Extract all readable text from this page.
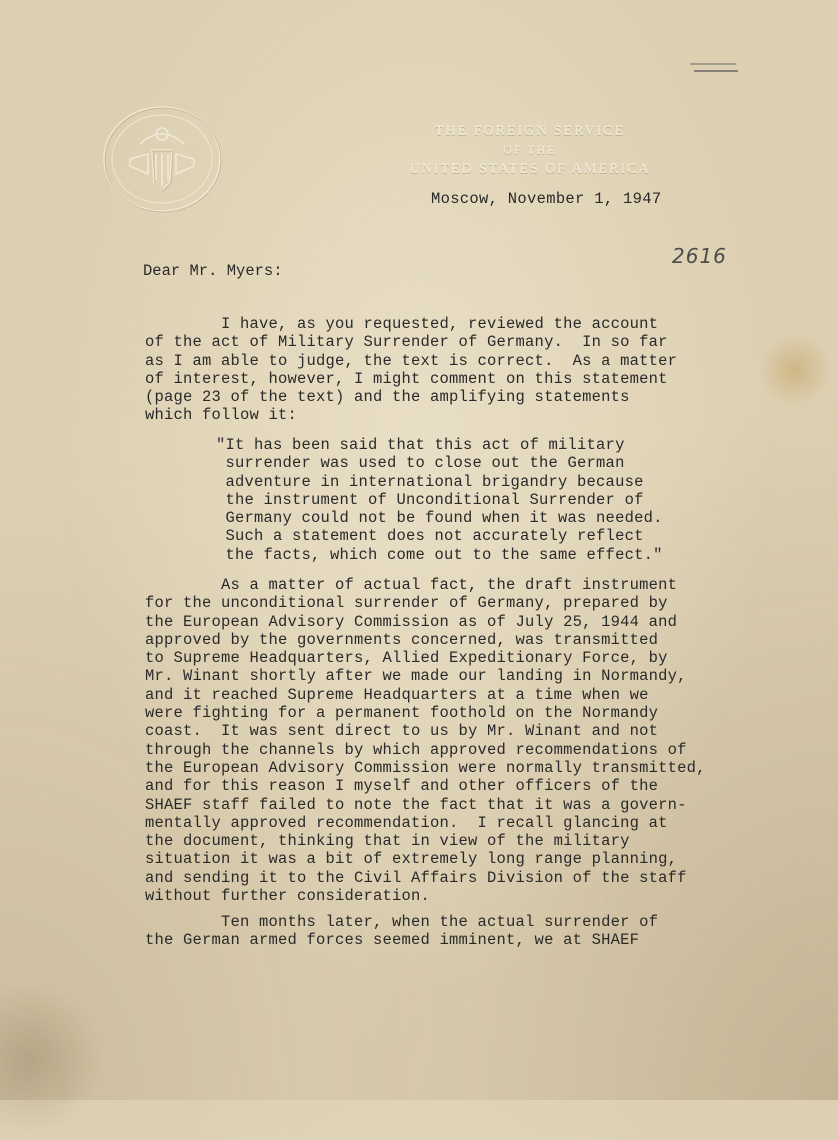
THE FOREIGN SERVICE
OF THE
UNITED STATES OF AMERICA
Moscow, November 1, 1947
2616
Dear Mr. Myers:
I have, as you requested, reviewed the account
of the act of Military Surrender of Germany.  In so far
as I am able to judge, the text is correct.  As a matter
of interest, however, I might comment on this statement
(page 23 of the text) and the amplifying statements
which follow it:
"It has been said that this act of military
surrender was used to close out the German
adventure in international brigandry because
the instrument of Unconditional Surrender of
Germany could not be found when it was needed.
Such a statement does not accurately reflect
the facts, which come out to the same effect."
As a matter of actual fact, the draft instrument
for the unconditional surrender of Germany, prepared by
the European Advisory Commission as of July 25, 1944 and
approved by the governments concerned, was transmitted
to Supreme Headquarters, Allied Expeditionary Force, by
Mr. Winant shortly after we made our landing in Normandy,
and it reached Supreme Headquarters at a time when we
were fighting for a permanent foothold on the Normandy
coast.  It was sent direct to us by Mr. Winant and not
through the channels by which approved recommendations of
the European Advisory Commission were normally transmitted,
and for this reason I myself and other officers of the
SHAEF staff failed to note the fact that it was a govern-
mentally approved recommendation.  I recall glancing at
the document, thinking that in view of the military
situation it was a bit of extremely long range planning,
and sending it to the Civil Affairs Division of the staff
without further consideration.
Ten months later, when the actual surrender of
the German armed forces seemed imminent, we at SHAEF
